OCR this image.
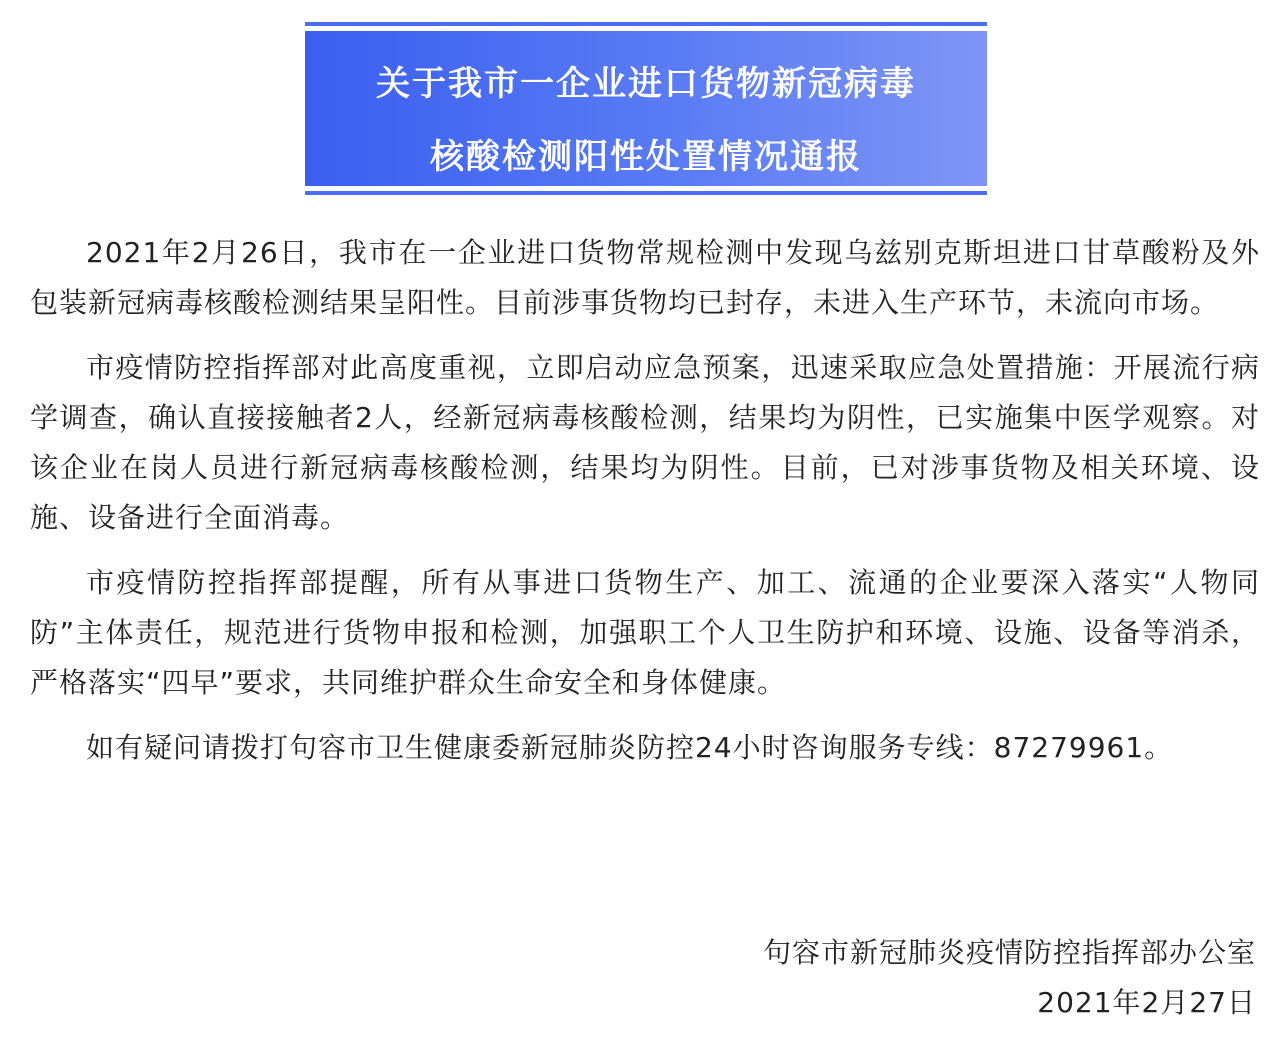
关于我市一企业进口货物新冠病毒
核酸检测阳性处置情况通报

2021年2月26日，我市在一企业进口货物常规检测中发现乌兹别克斯坦进口甘草酸粉及外包装新冠病毒核酸检测结果呈阳性。目前涉事货物均已封存，未进入生产环节，未流向市场。

市疫情防控指挥部对此高度重视，立即启动应急预案，迅速采取应急处置措施：开展流行病学调查，确认直接接触者2人，经新冠病毒核酸检测，结果均为阴性，已实施集中医学观察。对该企业在岗人员进行新冠病毒核酸检测，结果均为阴性。目前，已对涉事货物及相关环境、设施、设备进行全面消毒。

市疫情防控指挥部提醒，所有从事进口货物生产、加工、流通的企业要深入落实“人物同防”主体责任，规范进行货物申报和检测，加强职工个人卫生防护和环境、设施、设备等消杀，严格落实“四早”要求，共同维护群众生命安全和身体健康。

如有疑问请拨打句容市卫生健康委新冠肺炎防控24小时咨询服务专线：87279961。

句容市新冠肺炎疫情防控指挥部办公室
2021年2月27日
